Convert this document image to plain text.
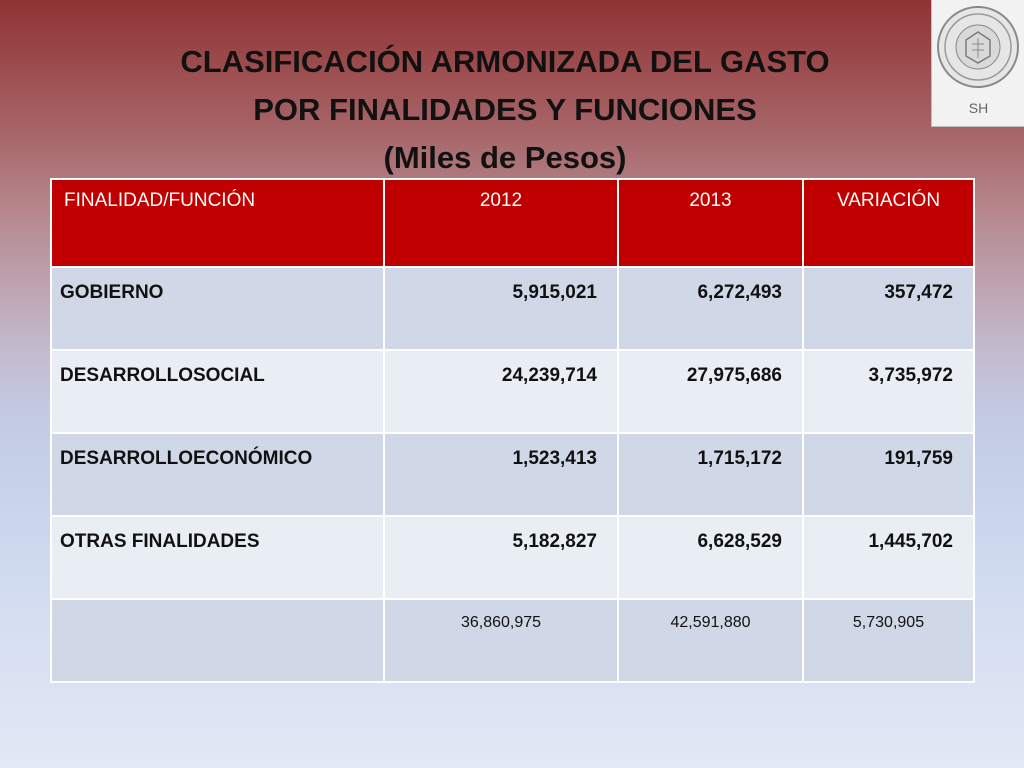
CLASIFICACIÓN ARMONIZADA DEL GASTO
POR FINALIDADES Y FUNCIONES
(Miles de Pesos)
SH
FINALIDAD/FUNCIÓN	2012	2013	VARIACIÓN
GOBIERNO	5,915,021	6,272,493	357,472
DESARROLLOSOCIAL	24,239,714	27,975,686	3,735,972
DESARROLLOECONÓMICO	1,523,413	1,715,172	191,759
OTRAS FINALIDADES	5,182,827	6,628,529	1,445,702
	36,860,975	42,591,880	5,730,905
